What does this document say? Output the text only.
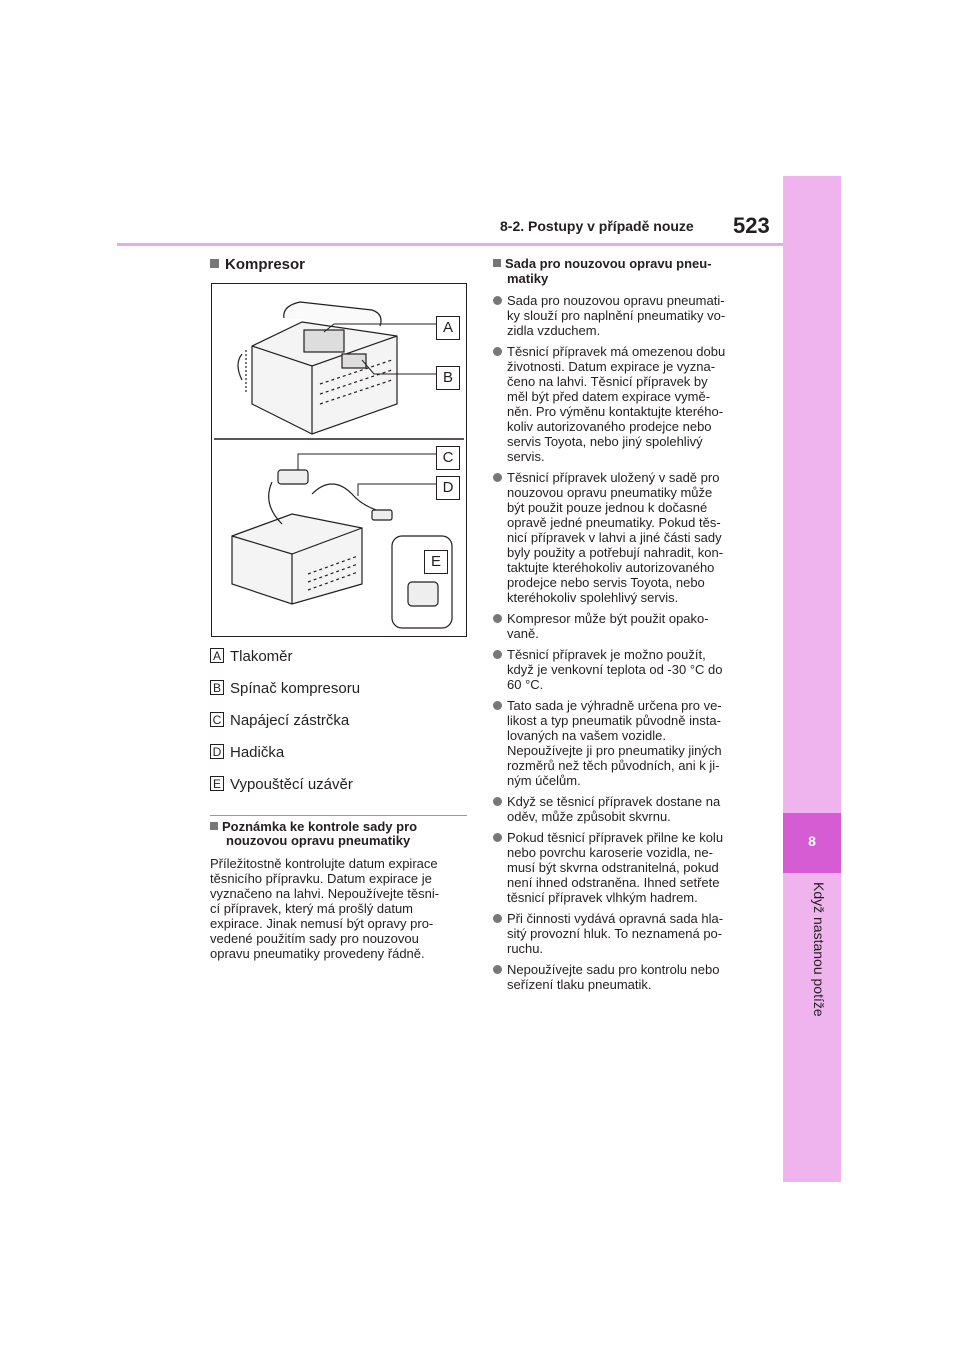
8-2. Postupy v případě nouze 523
8
Když nastanou potíže
Kompresor
A
B
C
D
E
A Tlakoměr
B Spínač kompresoru
C Napájecí zástrčka
D Hadička
E Vypouštěcí uzávěr
Poznámka ke kontrole sady pro
nouzovou opravu pneumatiky
Příležitostně kontrolujte datum expirace
těsnicího přípravku. Datum expirace je
vyznačeno na lahvi. Nepoužívejte těsni-
cí přípravek, který má prošlý datum
expirace. Jinak nemusí být opravy pro-
vedené použitím sady pro nouzovou
opravu pneumatiky provedeny řádně.
Sada pro nouzovou opravu pneu-
matiky
Sada pro nouzovou opravu pneumati-
ky slouží pro naplnění pneumatiky vo-
zidla vzduchem.
Těsnicí přípravek má omezenou dobu
životnosti. Datum expirace je vyzna-
čeno na lahvi. Těsnicí přípravek by
měl být před datem expirace vymě-
něn. Pro výměnu kontaktujte kterého-
koliv autorizovaného prodejce nebo
servis Toyota, nebo jiný spolehlivý
servis.
Těsnicí přípravek uložený v sadě pro
nouzovou opravu pneumatiky může
být použit pouze jednou k dočasné
opravě jedné pneumatiky. Pokud těs-
nicí přípravek v lahvi a jiné části sady
byly použity a potřebují nahradit, kon-
taktujte kteréhokoliv autorizovaného
prodejce nebo servis Toyota, nebo
kteréhokoliv spolehlivý servis.
Kompresor může být použit opako-
vaně.
Těsnicí přípravek je možno použít,
když je venkovní teplota od -30 °C do
60 °C.
Tato sada je výhradně určena pro ve-
likost a typ pneumatik původně insta-
lovaných na vašem vozidle.
Nepoužívejte ji pro pneumatiky jiných
rozměrů než těch původních, ani k ji-
ným účelům.
Když se těsnicí přípravek dostane na
oděv, může způsobit skvrnu.
Pokud těsnicí přípravek přilne ke kolu
nebo povrchu karoserie vozidla, ne-
musí být skvrna odstranitelná, pokud
není ihned odstraněna. Ihned setřete
těsnicí přípravek vlhkým hadrem.
Při činnosti vydává opravná sada hla-
sitý provozní hluk. To neznamená po-
ruchu.
Nepoužívejte sadu pro kontrolu nebo
seřízení tlaku pneumatik.
